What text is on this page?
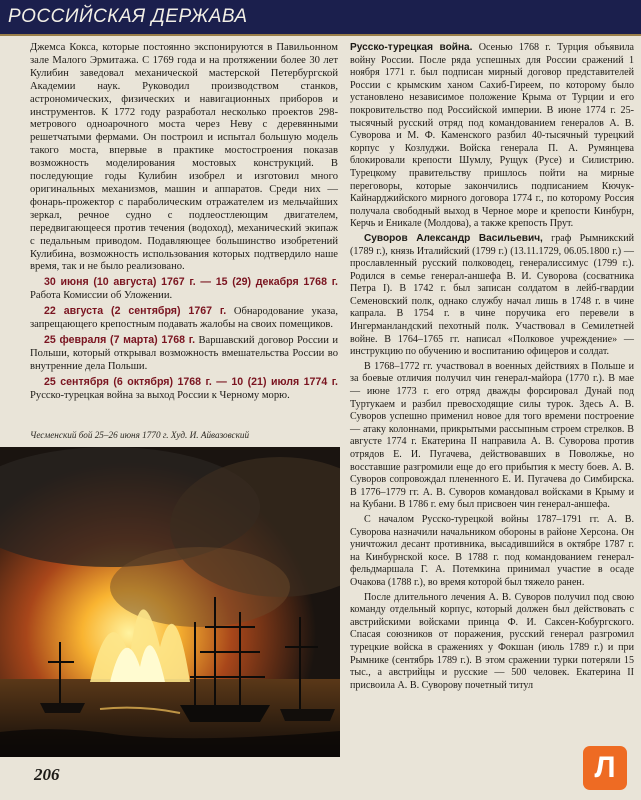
РОССИЙСКАЯ ДЕРЖАВА

Джемса Кокса, которые постоянно экспонируются в Павильонном зале Малого Эрмитажа. С 1769 года и на протяжении более 30 лет Кулибин заведовал механической мастерской Петербургской Академии наук. Руководил производством станков, астрономических, физических и навигационных приборов и инструментов. К 1772 году разработал несколько проектов 298-метрового одноарочного моста через Неву с деревянными решетчатыми фермами. Он построил и испытал большую модель такого моста, впервые в практике мостостроения показав возможность моделирования мостовых конструкций. В последующие годы Кулибин изобрел и изготовил много оригинальных механизмов, машин и аппаратов. Среди них — фонарь-прожектор с параболическим отражателем из мельчайших зеркал, речное судно с подлеостлеющим двигателем, передвигающееся против течения (водоход), механический экипаж с педальным приводом. Подавляющее большинство изобретений Кулибина, возможность использования которых подтвердило наше время, так и не было реализовано.

30 июня (10 августа) 1767 г. — 15 (29) декабря 1768 г. Работа Комиссии об Уложении.

22 августа (2 сентября) 1767 г. Обнародование указа, запрещающего крепостным подавать жалобы на своих помещиков.

25 февраля (7 марта) 1768 г. Варшавский договор России и Польши, который открывал возможность вмешательства России во внутренние дела Польши.

25 сентября (6 октября) 1768 г. — 10 (21) июля 1774 г. Русско-турецкая война за выход России к Черному морю.

Чесменский бой 25–26 июня 1770 г. Худ. И. Айвазовский

Русско-турецкая война. Осенью 1768 г. Турция объявила войну России. После ряда успешных для России сражений 1 ноября 1771 г. был подписан мирный договор представителей России с крымским ханом Сахиб-Гиреем, по которому было установлено независимое положение Крыма от Турции и его покровительство под Российской империи. В июне 1774 г. 25-тысячный русский отряд под командованием генералов А. В. Суворова и М. Ф. Каменского разбил 40-тысячный турецкий корпус у Козлуджи. Войска генерала П. А. Румянцева блокировали крепости Шумлу, Рущук (Русе) и Силистрию. Турецкому правительству пришлось пойти на мирные переговоры, которые закончились подписанием Кючук-Кайнарджийского мирного договора 1774 г., по которому Россия получала свободный выход в Черное море и крепости Кинбурн, Керчь и Еникале (Молдова), а также крепость Прут.

Суворов Александр Васильевич, граф Рымникский (1789 г.), князь Италийский (1799 г.) (13.11.1729, 06.05.1800 г.) — прославленный русский полководец, генералиссимус (1799 г.). Родился в семье генерал-аншефа В. И. Суворова (сосватника Петра I). В 1742 г. был записан солдатом в лейб-гвардии Семеновский полк, однако службу начал лишь в 1748 г. в чине капрала. В 1754 г. в чине поручика его перевели в Ингерманландский пехотный полк. Участвовал в Семилетней войне. В 1764–1765 гг. написал «Полковое учреждение» — инструкцию по обучению и воспитанию офицеров и солдат.

В 1768–1772 гг. участвовал в военных действиях в Польше и за боевые отличия получил чин генерал-майора (1770 г.). В мае — июне 1773 г. его отряд дважды форсировал Дунай под Туртукаем и разбил превосходящие силы турок. Здесь А. В. Суворов успешно применил новое для того времени построение — атаку колоннами, прикрытыми рассыпным строем стрелков. В августе 1774 г. Екатерина II направила А. В. Суворова против отрядов Е. И. Пугачева, действовавших в Поволжье, но восставшие разгромили еще до его прибытия к месту боев. А. В. Суворов сопровождал плененного Е. И. Пугачева до Симбирска. В 1776–1779 гг. А. В. Суворов командовал войсками в Крыму и на Кубани. В 1786 г. ему был присвоен чин генерал-аншефа.

С началом Русско-турецкой войны 1787–1791 гг. А. В. Суворова назначили начальником обороны в районе Херсона. Он уничтожил десант противника, высадившийся в октябре 1787 г. на Кинбурнской косе. В 1788 г. под командованием генерал-фельдмаршала Г. А. Потемкина принимал участие в осаде Очакова (1788 г.), во время которой был тяжело ранен.

После длительного лечения А. В. Суворов получил под свою команду отдельный корпус, который должен был действовать с австрийскими войсками принца Ф. И. Саксен-Кобургского. Спасая союзников от поражения, русский генерал разгромил турецкие войска в сражениях у Фокшан (июль 1789 г.) и при Рымнике (сентябрь 1789 г.). В этом сражении турки потеряли 15 тыс., а австрийцы и русские — 500 человек. Екатерина II присвоила А. В. Суворову почетный титул

206	Л
